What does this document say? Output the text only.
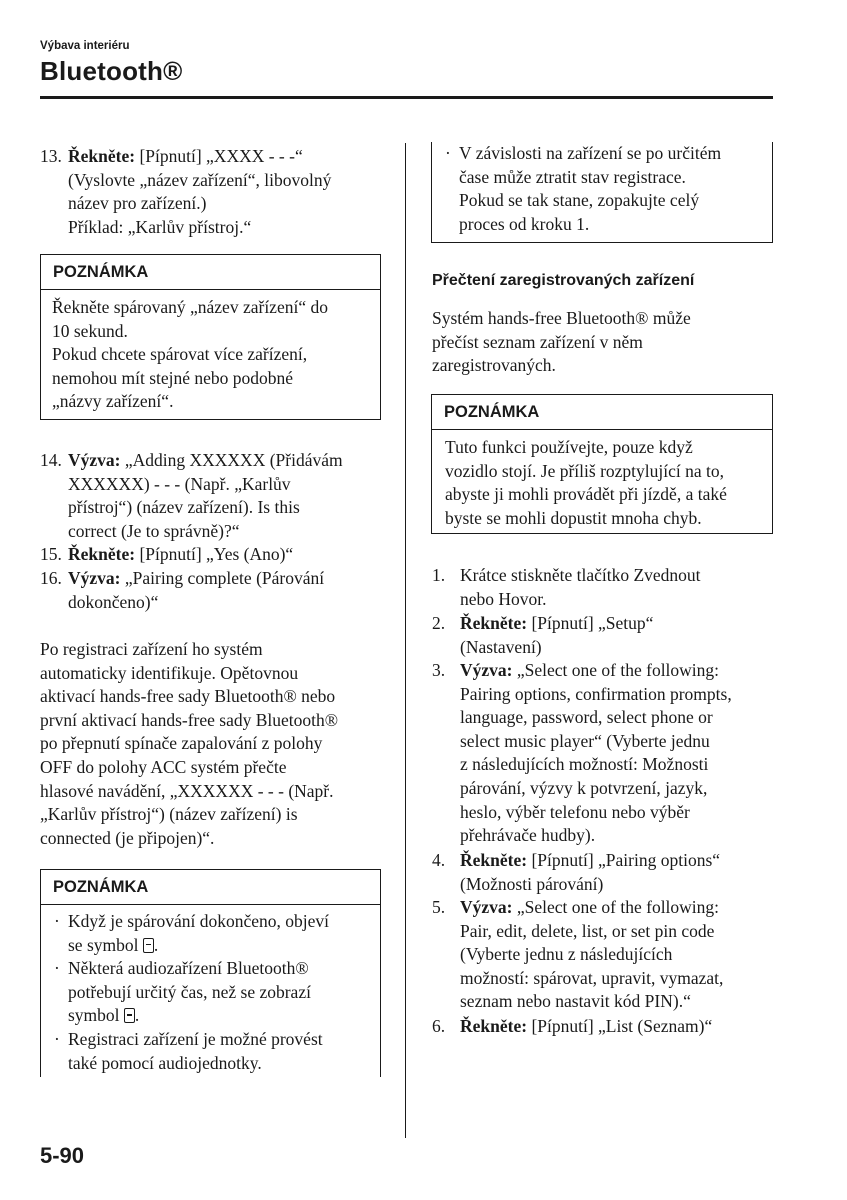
Výbava interiéru
Bluetooth®
13. Řekněte: [Pípnutí] „XXXX - - -“
(Vyslovte „název zařízení“, libovolný
název pro zařízení.)
Příklad: „Karlův přístroj.“
POZNÁMKA
Řekněte spárovaný „název zařízení“ do
10 sekund.
Pokud chcete spárovat více zařízení,
nemohou mít stejné nebo podobné
„názvy zařízení“.
14. Výzva: „Adding XXXXXX (Přidávám
XXXXXX) - - - (Např. „Karlův
přístroj“) (název zařízení). Is this
correct (Je to správně)?“
15. Řekněte: [Pípnutí] „Yes (Ano)“
16. Výzva: „Pairing complete (Párování
dokončeno)“
Po registraci zařízení ho systém
automaticky identifikuje. Opětovnou
aktivací hands-free sady Bluetooth® nebo
první aktivací hands-free sady Bluetooth®
po přepnutí spínače zapalování z polohy
OFF do polohy ACC systém přečte
hlasové navádění, „XXXXXX - - - (Např.
„Karlův přístroj“) (název zařízení) is
connected (je připojen)“.
POZNÁMKA
· Když je spárování dokončeno, objeví
se symbol .
· Některá audiozařízení Bluetooth®
potřebují určitý čas, než se zobrazí
symbol .
· Registraci zařízení je možné provést
také pomocí audiojednotky.
· V závislosti na zařízení se po určitém
čase může ztratit stav registrace.
Pokud se tak stane, zopakujte celý
proces od kroku 1.
Přečtení zaregistrovaných zařízení
Systém hands-free Bluetooth® může
přečíst seznam zařízení v něm
zaregistrovaných.
POZNÁMKA
Tuto funkci používejte, pouze když
vozidlo stojí. Je příliš rozptylující na to,
abyste ji mohli provádět při jízdě, a také
byste se mohli dopustit mnoha chyb.
1. Krátce stiskněte tlačítko Zvednout
nebo Hovor.
2. Řekněte: [Pípnutí] „Setup“
(Nastavení)
3. Výzva: „Select one of the following:
Pairing options, confirmation prompts,
language, password, select phone or
select music player“ (Vyberte jednu
z následujících možností: Možnosti
párování, výzvy k potvrzení, jazyk,
heslo, výběr telefonu nebo výběr
přehrávače hudby).
4. Řekněte: [Pípnutí] „Pairing options“
(Možnosti párování)
5. Výzva: „Select one of the following:
Pair, edit, delete, list, or set pin code
(Vyberte jednu z následujících
možností: spárovat, upravit, vymazat,
seznam nebo nastavit kód PIN).“
6. Řekněte: [Pípnutí] „List (Seznam)“
5-90
